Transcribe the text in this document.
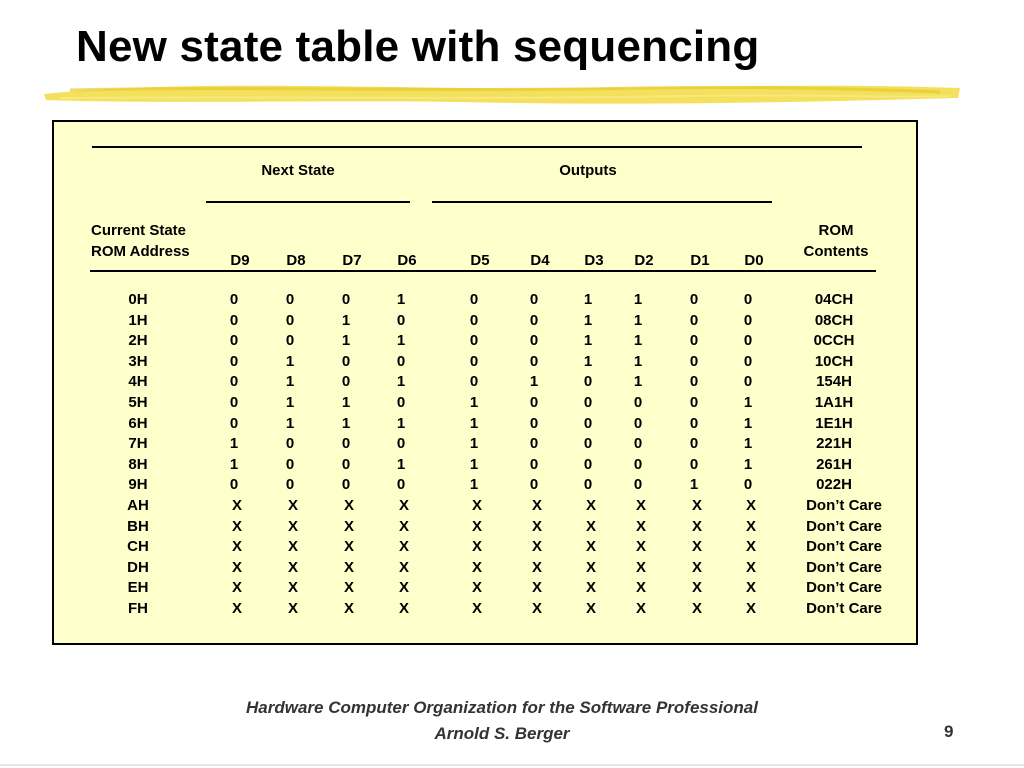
New state table with sequencing
Next State	Outputs
Current State
ROM Address
ROM
Contents
D9 D8 D7 D6	D5	D4 D3 D2 D1 D0
0H	0	0	0	1	0	0	1	1	0	0	04CH
1H	0	0	1	0	0	0	1	1	0	0	08CH
2H	0	0	1	1	0	0	1	1	0	0	0CCH
3H	0	1	0	0	0	0	1	1	0	0	10CH
4H	0	1	0	1	0	1	0	1	0	0	154H
5H	0	1	1	0	1	0	0	0	0	1	1A1H
6H	0	1	1	1	1	0	0	0	0	1	1E1H
7H	1	0	0	0	1	0	0	0	0	1	221H
8H	1	0	0	1	1	0	0	0	0	1	261H
9H	0	0	0	0	1	0	0	0	1	0	022H
AH	X	X	X	X	X	X	X	X	X	X	Don’t Care
BH	X	X	X	X	X	X	X	X	X	X	Don’t Care
CH	X	X	X	X	X	X	X	X	X	X	Don’t Care
DH	X	X	X	X	X	X	X	X	X	X	Don’t Care
EH	X	X	X	X	X	X	X	X	X	X	Don’t Care
FH	X	X	X	X	X	X	X	X	X	X	Don’t Care
Hardware Computer Organization for the Software Professional
Arnold S. Berger	9
